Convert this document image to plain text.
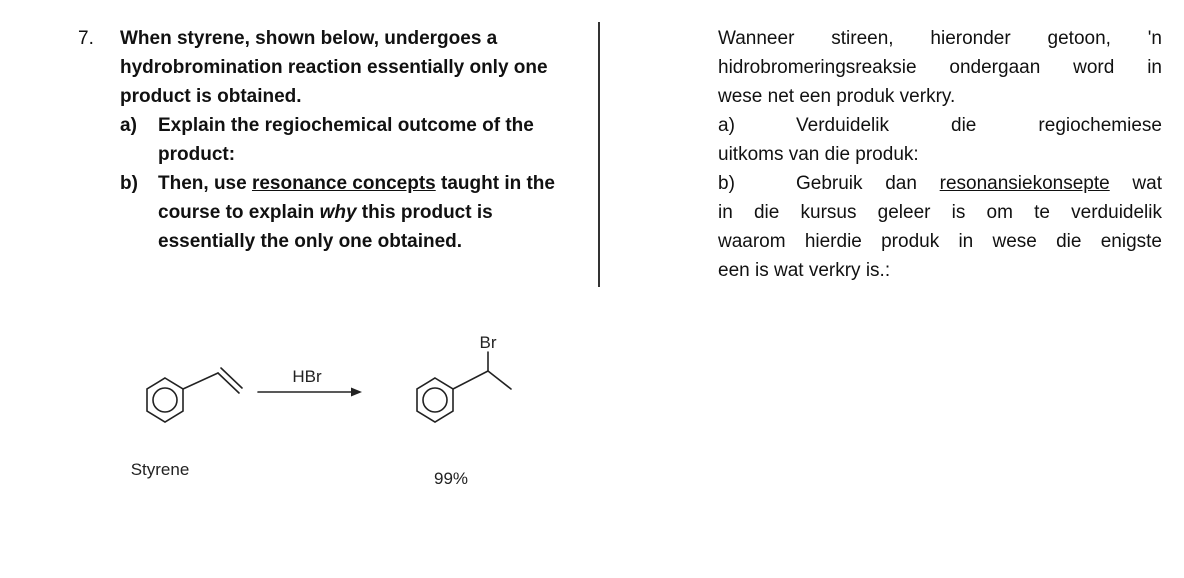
7. When styrene, shown below, undergoes a hydrobromination reaction essentially only one product is obtained.
a) Explain the regiochemical outcome of the product:
b) Then, use resonance concepts taught in the course to explain why this product is essentially the only one obtained.
Wanneer stireen, hieronder getoon, 'n
hidrobromeringsreaksie ondergaan word in
wese net een produk verkry.
a)	Verduidelik die regiochemiese
uitkoms van die produk:
b)	Gebruik dan resonansiekonsepte wat
in die kursus geleer is om te verduidelik
waarom hierdie produk in wese die enigste
een is wat verkry is.:
Br
HBr
Styrene	99%
